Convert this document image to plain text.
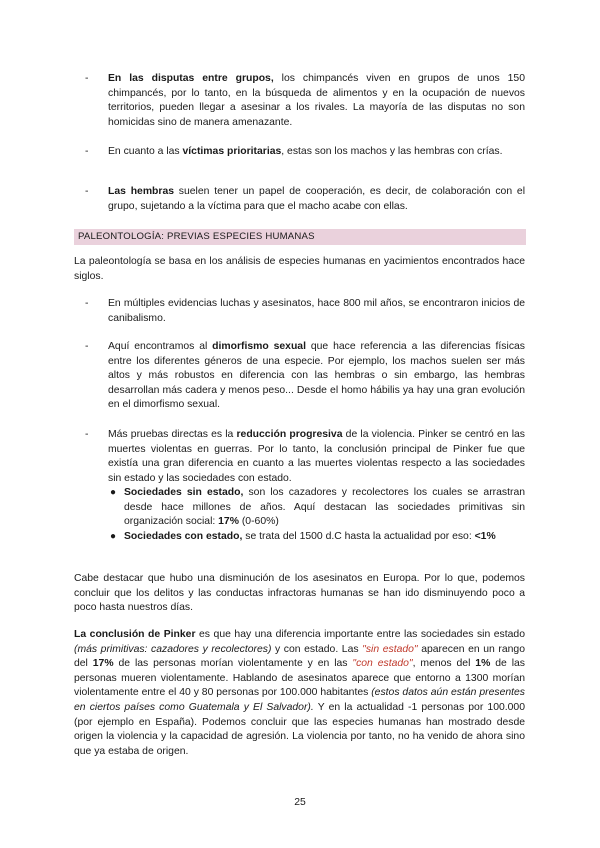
-	En las disputas entre grupos, los chimpancés viven en grupos de unos 150 chimpancés, por lo tanto, en la búsqueda de alimentos y en la ocupación de nuevos territorios, pueden llegar a asesinar a los rivales. La mayoría de las disputas no son homicidas sino de manera amenazante.
-	En cuanto a las víctimas prioritarias, estas son los machos y las hembras con crías.
-	Las hembras suelen tener un papel de cooperación, es decir, de colaboración con el grupo, sujetando a la víctima para que el macho acabe con ellas.
PALEONTOLOGÍA: PREVIAS ESPECIES HUMANAS
La paleontología se basa en los análisis de especies humanas en yacimientos encontrados hace siglos.
-	En múltiples evidencias luchas y asesinatos, hace 800 mil años, se encontraron inicios de canibalismo.
-	Aquí encontramos al dimorfismo sexual que hace referencia a las diferencias físicas entre los diferentes géneros de una especie. Por ejemplo, los machos suelen ser más altos y más robustos en diferencia con las hembras o sin embargo, las hembras desarrollan más cadera y menos peso... Desde el homo hábilis ya hay una gran evolución en el dimorfismo sexual.
-	Más pruebas directas es la reducción progresiva de la violencia. Pinker se centró en las muertes violentas en guerras. Por lo tanto, la conclusión principal de Pinker fue que existía una gran diferencia en cuanto a las muertes violentas respecto a las sociedades sin estado y las sociedades con estado.
● Sociedades sin estado, son los cazadores y recolectores los cuales se arrastran desde hace millones de años. Aquí destacan las sociedades primitivas sin organización social: 17% (0-60%)
● Sociedades con estado, se trata del 1500 d.C hasta la actualidad por eso: <1%
Cabe destacar que hubo una disminución de los asesinatos en Europa. Por lo que, podemos concluir que los delitos y las conductas infractoras humanas se han ido disminuyendo poco a poco hasta nuestros días.
La conclusión de Pinker es que hay una diferencia importante entre las sociedades sin estado (más primitivas: cazadores y recolectores) y con estado. Las "sin estado" aparecen en un rango del 17% de las personas morían violentamente y en las "con estado", menos del 1% de las personas mueren violentamente. Hablando de asesinatos aparece que entorno a 1300 morían violentamente entre el 40 y 80 personas por 100.000 habitantes (estos datos aún están presentes en ciertos países como Guatemala y El Salvador). Y en la actualidad -1 personas por 100.000 (por ejemplo en España). Podemos concluir que las especies humanas han mostrado desde origen la violencia y la capacidad de agresión. La violencia por tanto, no ha venido de ahora sino que ya estaba de origen.
25
